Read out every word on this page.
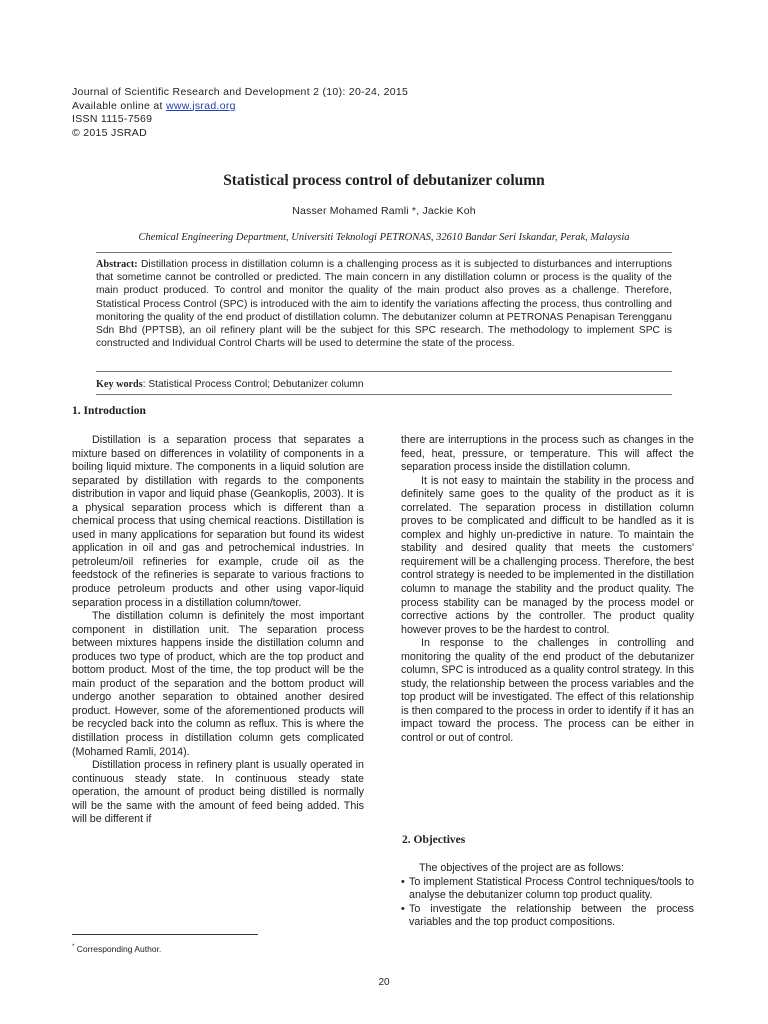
Journal of Scientific Research and Development 2 (10): 20-24, 2015
Available online at www.jsrad.org
ISSN 1115-7569
© 2015 JSRAD
Statistical process control of debutanizer column
Nasser Mohamed Ramli *, Jackie Koh
Chemical Engineering Department, Universiti Teknologi PETRONAS, 32610 Bandar Seri Iskandar, Perak, Malaysia
Abstract: Distillation process in distillation column is a challenging process as it is subjected to disturbances and interruptions that sometime cannot be controlled or predicted. The main concern in any distillation column or process is the quality of the main product produced. To control and monitor the quality of the main product also proves as a challenge. Therefore, Statistical Process Control (SPC) is introduced with the aim to identify the variations affecting the process, thus controlling and monitoring the quality of the end product of distillation column. The debutanizer column at PETRONAS Penapisan Terengganu Sdn Bhd (PPTSB), an oil refinery plant will be the subject for this SPC research. The methodology to implement SPC is constructed and Individual Control Charts will be used to determine the state of the process.
Key words: Statistical Process Control; Debutanizer column
1. Introduction

Distillation is a separation process that separates a mixture based on differences in volatility of components in a boiling liquid mixture. The components in a liquid solution are separated by distillation with regards to the components distribution in vapor and liquid phase (Geankoplis, 2003). It is a physical separation process which is different than a chemical process that using chemical reactions. Distillation is used in many applications for separation but found its widest application in oil and gas and petrochemical industries. In petroleum/oil refineries for example, crude oil as the feedstock of the refineries is separate to various fractions to produce petroleum products and other using vapor-liquid separation process in a distillation column/tower.

The distillation column is definitely the most important component in distillation unit. The separation process between mixtures happens inside the distillation column and produces two type of product, which are the top product and bottom product. Most of the time, the top product will be the main product of the separation and the bottom product will undergo another separation to obtained another desired product. However, some of the aforementioned products will be recycled back into the column as reflux. This is where the distillation process in distillation column gets complicated (Mohamed Ramli, 2014).

Distillation process in refinery plant is usually operated in continuous steady state. In continuous steady state operation, the amount of product being distilled is normally will be the same with the amount of feed being added. This will be different if

there are interruptions in the process such as changes in the feed, heat, pressure, or temperature. This will affect the separation process inside the distillation column.

It is not easy to maintain the stability in the process and definitely same goes to the quality of the product as it is correlated. The separation process in distillation column proves to be complicated and difficult to be handled as it is complex and highly un-predictive in nature. To maintain the stability and desired quality that meets the customers' requirement will be a challenging process. Therefore, the best control strategy is needed to be implemented in the distillation column to manage the stability and the product quality. The process stability can be managed by the process model or corrective actions by the controller. The product quality however proves to be the hardest to control.

In response to the challenges in controlling and monitoring the quality of the end product of the debutanizer column, SPC is introduced as a quality control strategy. In this study, the relationship between the process variables and the top product will be investigated. The effect of this relationship is then compared to the process in order to identify if it has an impact toward the process. The process can be either in control or out of control.

2. Objectives

The objectives of the project are as follows:

• To implement Statistical Process Control techniques/tools to analyse the debutanizer column top product quality.
• To investigate the relationship between the process variables and the top product compositions.
* Corresponding Author.
20
